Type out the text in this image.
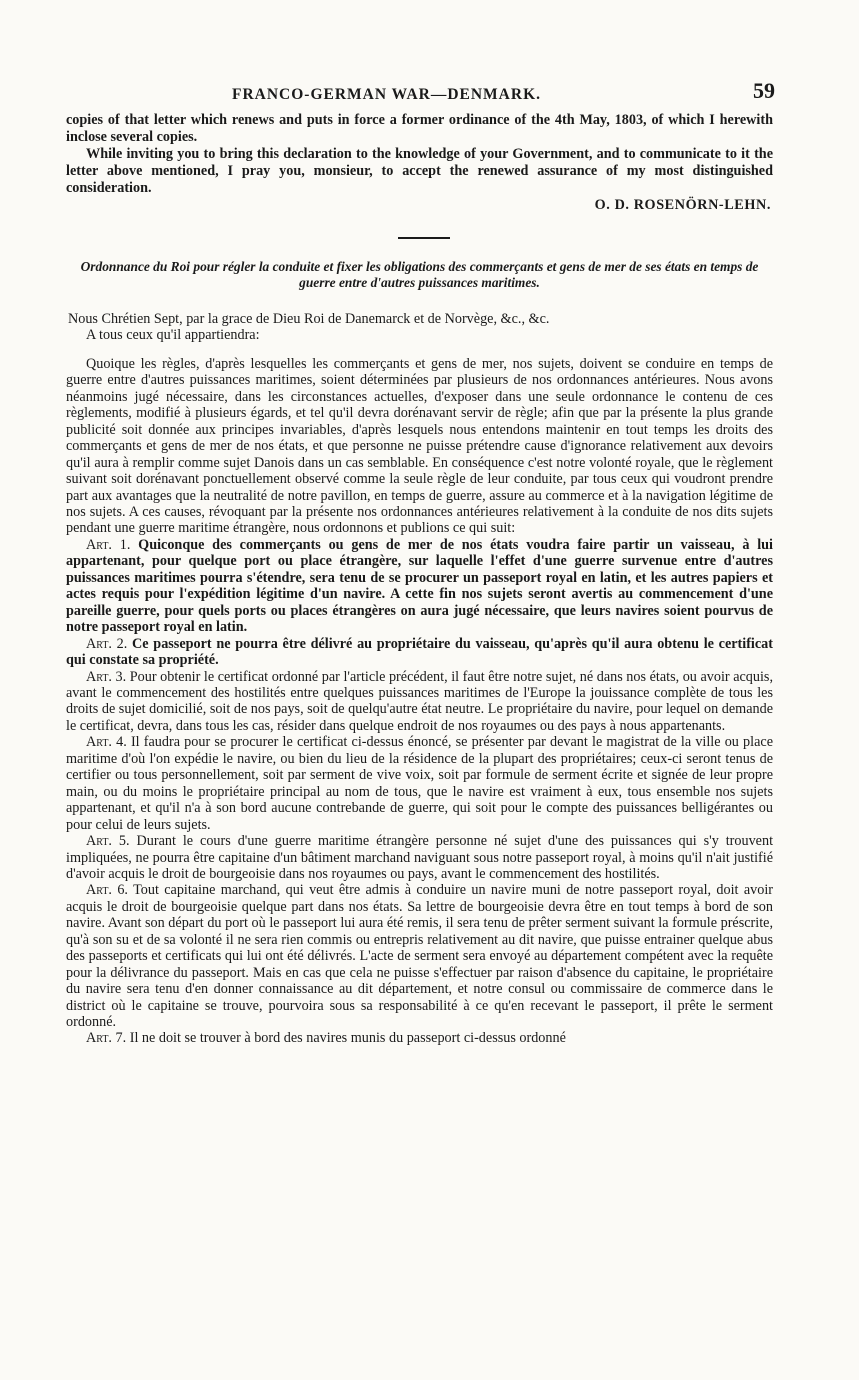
FRANCO-GERMAN WAR—DENMARK.	59

copies of that letter which renews and puts in force a former ordinance of the 4th May, 1803, of which I herewith inclose several copies.

While inviting you to bring this declaration to the knowledge of your Government, and to communicate to it the letter above mentioned, I pray you, monsieur, to accept the renewed assurance of my most distinguished consideration.

O. D. ROSENÖRN-LEHN.
Ordonnance du Roi pour régler la conduite et fixer les obligations des commerçants et gens de mer de ses états en temps de guerre entre d'autres puissances maritimes.

Nous Chrétien Sept, par la grace de Dieu Roi de Danemarck et de Norvège, &c., &c.

A tous ceux qu'il appartiendra:

Quoique les règles, d'après lesquelles les commerçants et gens de mer, nos sujets, doivent se conduire en temps de guerre entre d'autres puissances maritimes, soient déterminées par plusieurs de nos ordonnances antérieures. Nous avons néanmoins jugé nécessaire, dans les circonstances actuelles, d'exposer dans une seule ordonnance le contenu de ces règlements, modifié à plusieurs égards, et tel qu'il devra dorénavant servir de règle; afin que par la présente la plus grande publicité soit donnée aux principes invariables, d'après lesquels nous entendons maintenir en tout temps les droits des commerçants et gens de mer de nos états, et que personne ne puisse prétendre cause d'ignorance relativement aux devoirs qu'il aura à remplir comme sujet Danois dans un cas semblable. En conséquence c'est notre volonté royale, que le règlement suivant soit dorénavant ponctuellement observé comme la seule règle de leur conduite, par tous ceux qui voudront prendre part aux avantages que la neutralité de notre pavillon, en temps de guerre, assure au commerce et à la navigation légitime de nos sujets. A ces causes, révoquant par la présente nos ordonnances antérieures relativement à la conduite de nos dits sujets pendant une guerre maritime étrangère, nous ordonnons et publions ce qui suit:

Art. 1. Quiconque des commerçants ou gens de mer de nos états voudra faire partir un vaisseau, à lui appartenant, pour quelque port ou place étrangère, sur laquelle l'effet d'une guerre survenue entre d'autres puissances maritimes pourra s'étendre, sera tenu de se procurer un passeport royal en latin, et les autres papiers et actes requis pour l'expédition légitime d'un navire. A cette fin nos sujets seront avertis au commencement d'une pareille guerre, pour quels ports ou places étrangères on aura jugé nécessaire, que leurs navires soient pourvus de notre passeport royal en latin.

Art. 2. Ce passeport ne pourra être délivré au propriétaire du vaisseau, qu'après qu'il aura obtenu le certificat qui constate sa propriété.

Art. 3. Pour obtenir le certificat ordonné par l'article précédent, il faut être notre sujet, né dans nos états, ou avoir acquis, avant le commencement des hostilités entre quelques puissances maritimes de l'Europe la jouissance complète de tous les droits de sujet domicilié, soit de nos pays, soit de quelqu'autre état neutre. Le propriétaire du navire, pour lequel on demande le certificat, devra, dans tous les cas, résider dans quelque endroit de nos royaumes ou des pays à nous appartenants.

Art. 4. Il faudra pour se procurer le certificat ci-dessus énoncé, se présenter par devant le magistrat de la ville ou place maritime d'où l'on expédie le navire, ou bien du lieu de la résidence de la plupart des propriétaires; ceux-ci seront tenus de certifier ou tous personnellement, soit par serment de vive voix, soit par formule de serment écrite et signée de leur propre main, ou du moins le propriétaire principal au nom de tous, que le navire est vraiment à eux, tous ensemble nos sujets appartenant, et qu'il n'a à son bord aucune contrebande de guerre, qui soit pour le compte des puissances belligérantes ou pour celui de leurs sujets.

Art. 5. Durant le cours d'une guerre maritime étrangère personne né sujet d'une des puissances qui s'y trouvent impliquées, ne pourra être capitaine d'un bâtiment marchand naviguant sous notre passeport royal, à moins qu'il n'ait justifié d'avoir acquis le droit de bourgeoisie dans nos royaumes ou pays, avant le commencement des hostilités.

Art. 6. Tout capitaine marchand, qui veut être admis à conduire un navire muni de notre passeport royal, doit avoir acquis le droit de bourgeoisie quelque part dans nos états. Sa lettre de bourgeoisie devra être en tout temps à bord de son navire. Avant son départ du port où le passeport lui aura été remis, il sera tenu de prêter serment suivant la formule préscrite, qu'à son su et de sa volonté il ne sera rien commis ou entrepris relativement au dit navire, que puisse entrainer quelque abus des passeports et certificats qui lui ont été délivrés. L'acte de serment sera envoyé au département compétent avec la requête pour la délivrance du passeport. Mais en cas que cela ne puisse s'effectuer par raison d'absence du capitaine, le propriétaire du navire sera tenu d'en donner connaissance au dit département, et notre consul ou commissaire de commerce dans le district où le capitaine se trouve, pourvoira sous sa responsabilité à ce qu'en recevant le passeport, il prête le serment ordonné.

Art. 7. Il ne doit se trouver à bord des navires munis du passeport ci-dessus ordonné
